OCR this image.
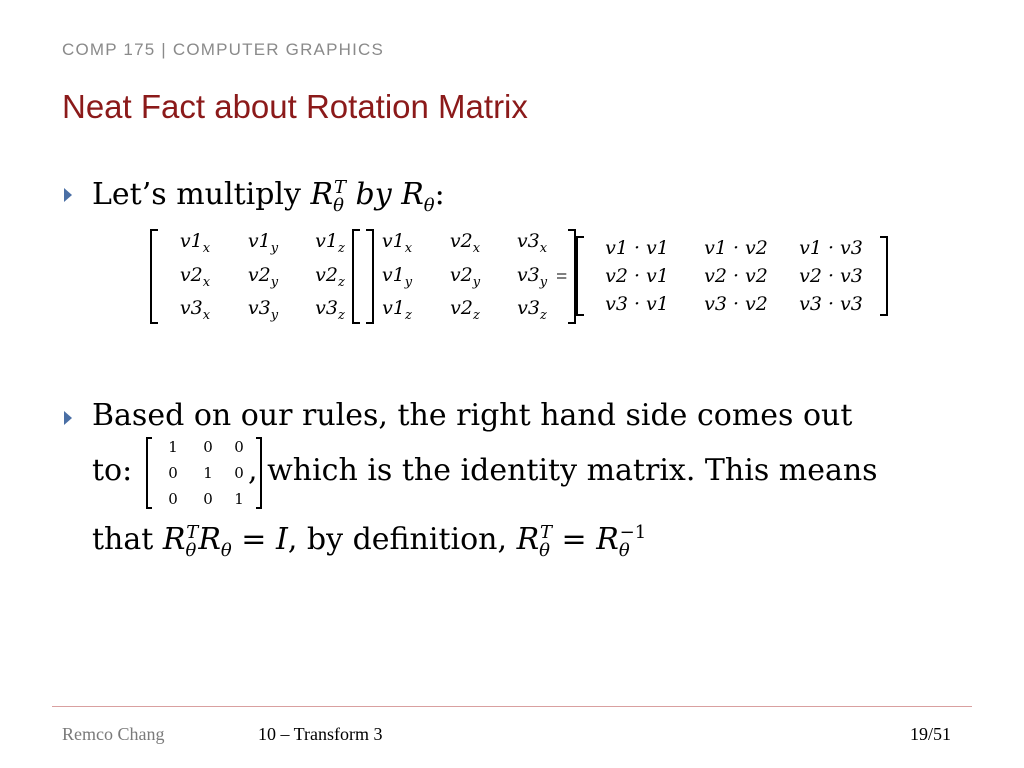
COMP 175 | COMPUTER GRAPHICS
Neat Fact about Rotation Matrix
Let’s multiply $R_\theta^T$ by $R_\theta$:
$v1_x$	$v1_y$	$v1_z$
$v2_x$	$v2_y$	$v2_z$
$v3_x$	$v3_y$	$v3_z$
$v1_x$	$v2_x$	$v3_x$
$v1_y$	$v2_y$	$v3_y$
$v1_z$	$v2_z$	$v3_z$
=
v1 · v1	v1 · v2	v1 · v3
v2 · v1	v2 · v2	v2 · v3
v3 · v1	v3 · v2	v3 · v3
Based on our rules, the right hand side comes out
to:
1	0	0
0	1	0
0	0	1
, which is the identity matrix. This means
that $R_\theta^TR_\theta = I$, by definition, $R_\theta^T = R_\theta^{-1}$
Remco Chang	10 – Transform 3	19/51
